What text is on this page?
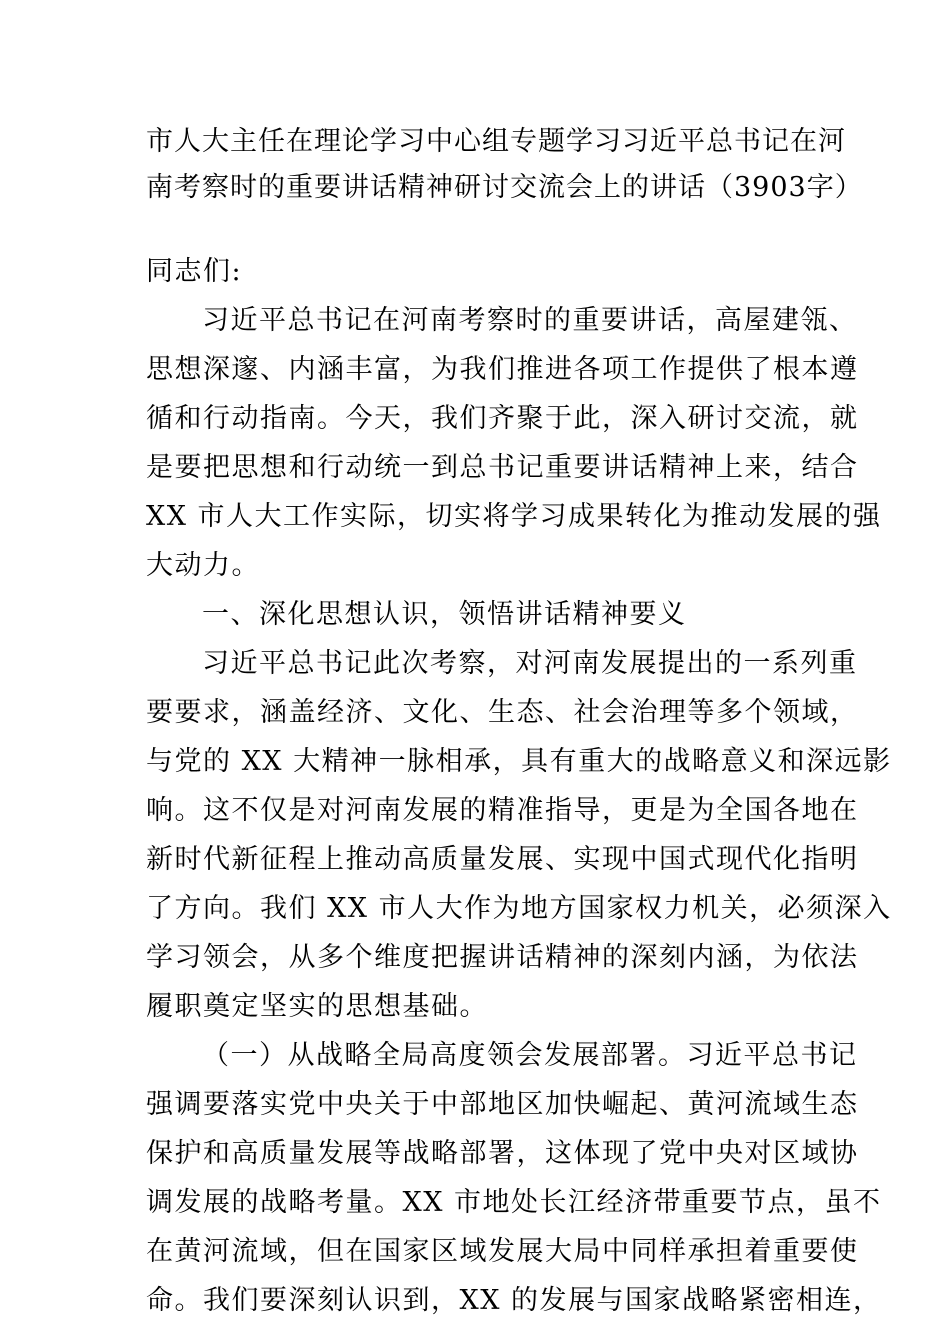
市人大主任在理论学习中心组专题学习习近平总书记在河
南考察时的重要讲话精神研讨交流会上的讲话（3903字）
同志们:
习近平总书记在河南考察时的重要讲话，高屋建瓴、
思想深邃、内涵丰富，为我们推进各项工作提供了根本遵
循和行动指南。今天，我们齐聚于此，深入研讨交流，就
是要把思想和行动统一到总书记重要讲话精神上来，结合
XX 市人大工作实际，切实将学习成果转化为推动发展的强
大动力。
一、深化思想认识，领悟讲话精神要义
习近平总书记此次考察，对河南发展提出的一系列重
要要求，涵盖经济、文化、生态、社会治理等多个领域，
与党的 XX 大精神一脉相承，具有重大的战略意义和深远影
响。这不仅是对河南发展的精准指导，更是为全国各地在
新时代新征程上推动高质量发展、实现中国式现代化指明
了方向。我们 XX 市人大作为地方国家权力机关，必须深入
学习领会，从多个维度把握讲话精神的深刻内涵，为依法
履职奠定坚实的思想基础。
（一）从战略全局高度领会发展部署。习近平总书记
强调要落实党中央关于中部地区加快崛起、黄河流域生态
保护和高质量发展等战略部署，这体现了党中央对区域协
调发展的战略考量。XX 市地处长江经济带重要节点，虽不
在黄河流域，但在国家区域发展大局中同样承担着重要使
命。我们要深刻认识到，XX 的发展与国家战略紧密相连，
